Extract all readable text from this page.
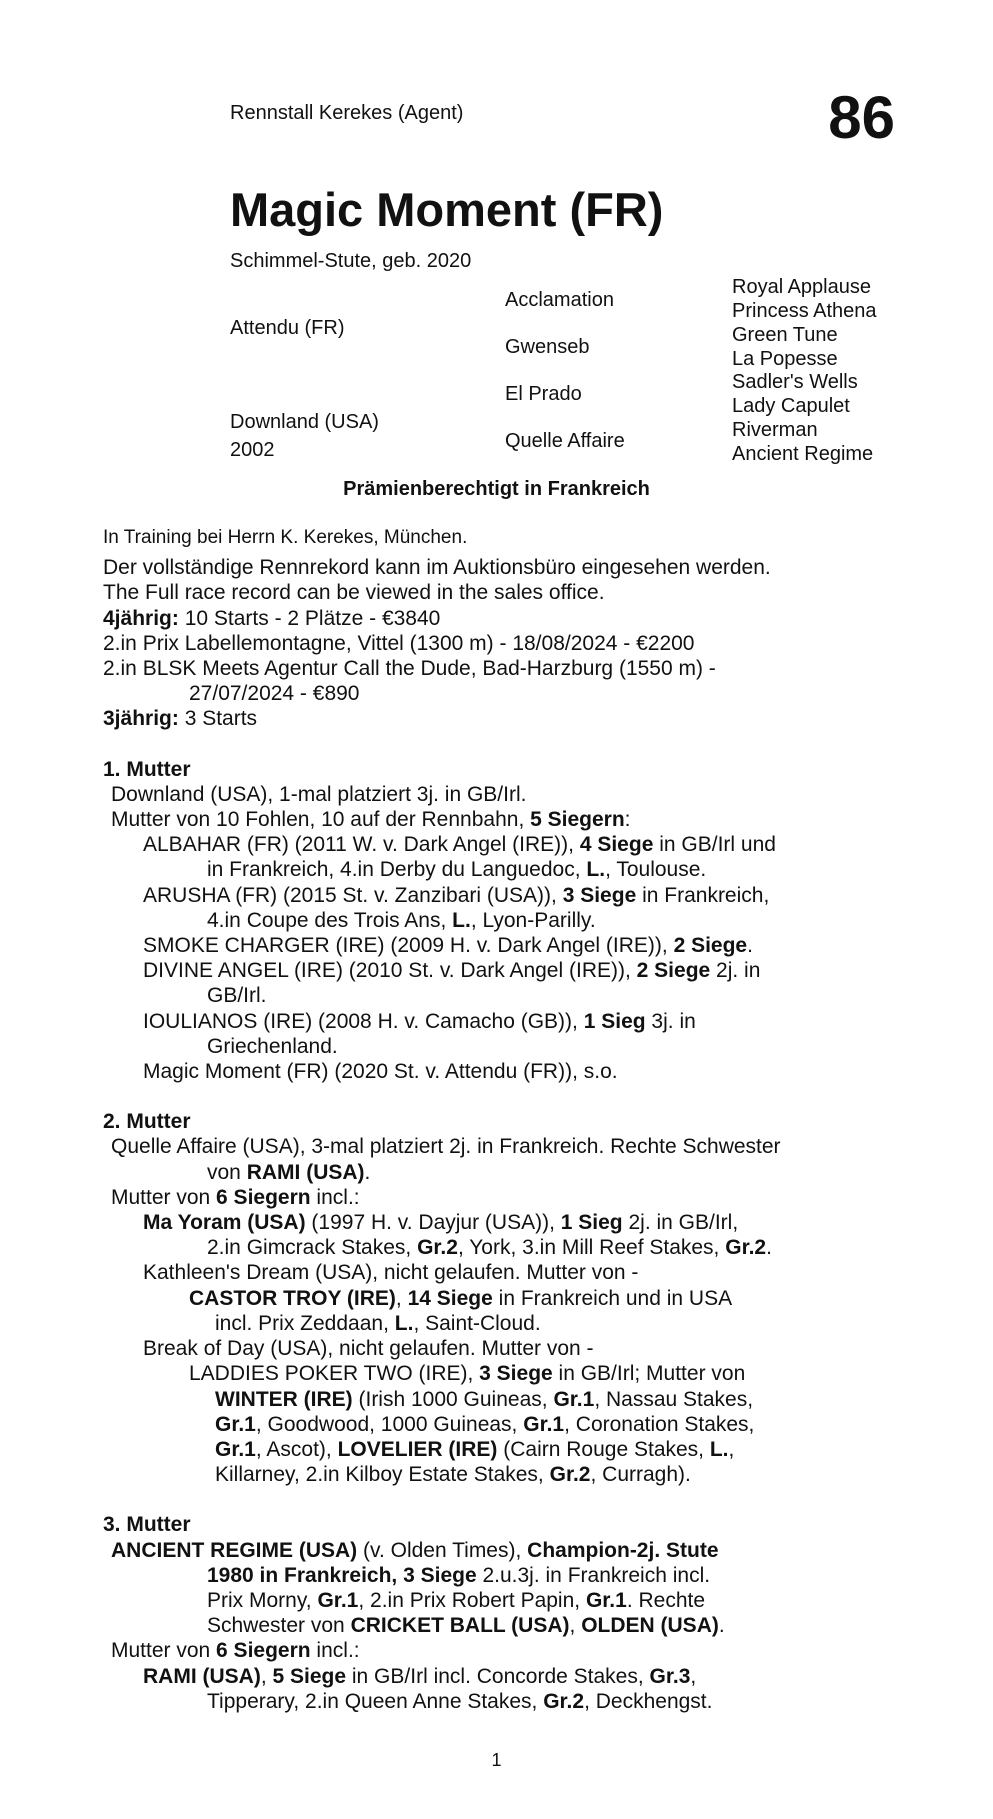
Rennstall Kerekes (Agent)	86
Magic Moment (FR)
Schimmel-Stute, geb. 2020
Attendu (FR)
Downland (USA)
2002
Acclamation
Gwenseb
El Prado
Quelle Affaire
Royal Applause
Princess Athena
Green Tune
La Popesse
Sadler's Wells
Lady Capulet
Riverman
Ancient Regime
Prämienberechtigt in Frankreich
In Training bei Herrn K. Kerekes, München.
Der vollständige Rennrekord kann im Auktionsbüro eingesehen werden.
The Full race record can be viewed in the sales office.
4jährig: 10 Starts - 2 Plätze - €3840
2.in Prix Labellemontagne, Vittel (1300 m) - 18/08/2024 - €2200
2.in BLSK Meets Agentur Call the Dude, Bad-Harzburg (1550 m) -
27/07/2024 - €890
3jährig: 3 Starts
1. Mutter
Downland (USA), 1-mal platziert 3j. in GB/Irl.
Mutter von 10 Fohlen, 10 auf der Rennbahn, 5 Siegern:
ALBAHAR (FR) (2011 W. v. Dark Angel (IRE)), 4 Siege in GB/Irl und
in Frankreich, 4.in Derby du Languedoc, L., Toulouse.
ARUSHA (FR) (2015 St. v. Zanzibari (USA)), 3 Siege in Frankreich,
4.in Coupe des Trois Ans, L., Lyon-Parilly.
SMOKE CHARGER (IRE) (2009 H. v. Dark Angel (IRE)), 2 Siege.
DIVINE ANGEL (IRE) (2010 St. v. Dark Angel (IRE)), 2 Siege 2j. in
GB/Irl.
IOULIANOS (IRE) (2008 H. v. Camacho (GB)), 1 Sieg 3j. in
Griechenland.
Magic Moment (FR) (2020 St. v. Attendu (FR)), s.o.
2. Mutter
Quelle Affaire (USA), 3-mal platziert 2j. in Frankreich. Rechte Schwester
von RAMI (USA).
Mutter von 6 Siegern incl.:
Ma Yoram (USA) (1997 H. v. Dayjur (USA)), 1 Sieg 2j. in GB/Irl,
2.in Gimcrack Stakes, Gr.2, York, 3.in Mill Reef Stakes, Gr.2.
Kathleen's Dream (USA), nicht gelaufen. Mutter von -
CASTOR TROY (IRE), 14 Siege in Frankreich und in USA
incl. Prix Zeddaan, L., Saint-Cloud.
Break of Day (USA), nicht gelaufen. Mutter von -
LADDIES POKER TWO (IRE), 3 Siege in GB/Irl; Mutter von
WINTER (IRE) (Irish 1000 Guineas, Gr.1, Nassau Stakes,
Gr.1, Goodwood, 1000 Guineas, Gr.1, Coronation Stakes,
Gr.1, Ascot), LOVELIER (IRE) (Cairn Rouge Stakes, L.,
Killarney, 2.in Kilboy Estate Stakes, Gr.2, Curragh).
3. Mutter
ANCIENT REGIME (USA) (v. Olden Times), Champion-2j. Stute
1980 in Frankreich, 3 Siege 2.u.3j. in Frankreich incl.
Prix Morny, Gr.1, 2.in Prix Robert Papin, Gr.1. Rechte
Schwester von CRICKET BALL (USA), OLDEN (USA).
Mutter von 6 Siegern incl.:
RAMI (USA), 5 Siege in GB/Irl incl. Concorde Stakes, Gr.3,
Tipperary, 2.in Queen Anne Stakes, Gr.2, Deckhengst.
1
